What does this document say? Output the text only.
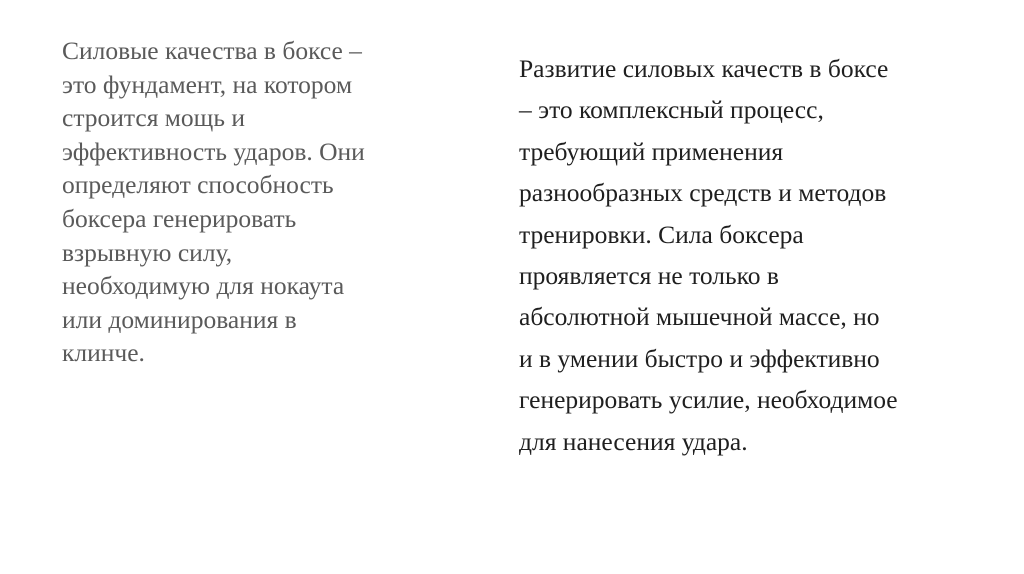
Силовые качества в боксе –
это фундамент, на котором
строится мощь и
эффективность ударов. Они
определяют способность
боксера генерировать
взрывную силу,
необходимую для нокаута
или доминирования в
клинче.

Развитие силовых качеств в боксе
– это комплексный процесс,
требующий применения
разнообразных средств и методов
тренировки. Сила боксера
проявляется не только в
абсолютной мышечной массе, но
и в умении быстро и эффективно
генерировать усилие, необходимое
для нанесения удара.
